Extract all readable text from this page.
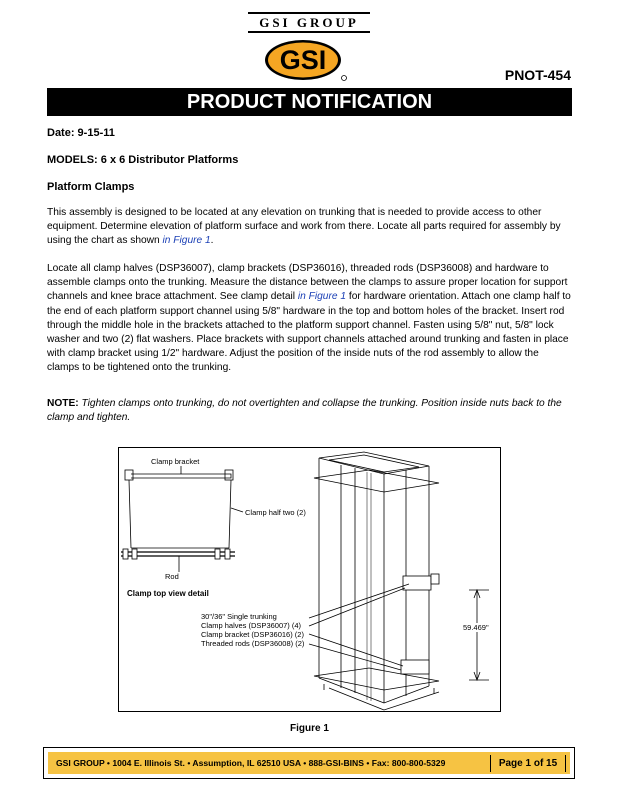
GSI GROUP
GSI	PNOT-454
PRODUCT NOTIFICATION
Date: 9-15-11
MODELS: 6 x 6 Distributor Platforms
Platform Clamps
This assembly is designed to be located at any elevation on trunking that is needed to provide access to other equipment. Determine elevation of platform surface and work from there. Locate all parts required for assembly by using the chart as shown in Figure 1.
Locate all clamp halves (DSP36007), clamp brackets (DSP36016), threaded rods (DSP36008) and hardware to assemble clamps onto the trunking. Measure the distance between the clamps to assure proper location for support channels and knee brace attachment. See clamp detail in Figure 1 for hardware orientation. Attach one clamp half to the end of each platform support channel using 5/8" hardware in the top and bottom holes of the bracket. Insert rod through the middle hole in the brackets attached to the platform support channel. Fasten using 5/8" nut, 5/8" lock washer and two (2) flat washers. Place brackets with support channels attached around trunking and fasten in place with clamp bracket using 1/2" hardware. Adjust the position of the inside nuts of the rod assembly to allow the clamps to be tightened onto the trunking.
NOTE: Tighten clamps onto trunking, do not overtighten and collapse the trunking. Position inside nuts back to the clamp and tighten.
Clamp bracket
Clamp half two (2)
Rod
Clamp top view detail
30"/36" Single trunking
Clamp halves (DSP36007) (4)
Clamp bracket (DSP36016) (2)
Threaded rods (DSP36008) (2)
59.469"
Figure 1
GSI GROUP • 1004 E. Illinois St. • Assumption, IL 62510 USA • 888-GSI-BINS • Fax: 800-800-5329	Page 1 of 15
